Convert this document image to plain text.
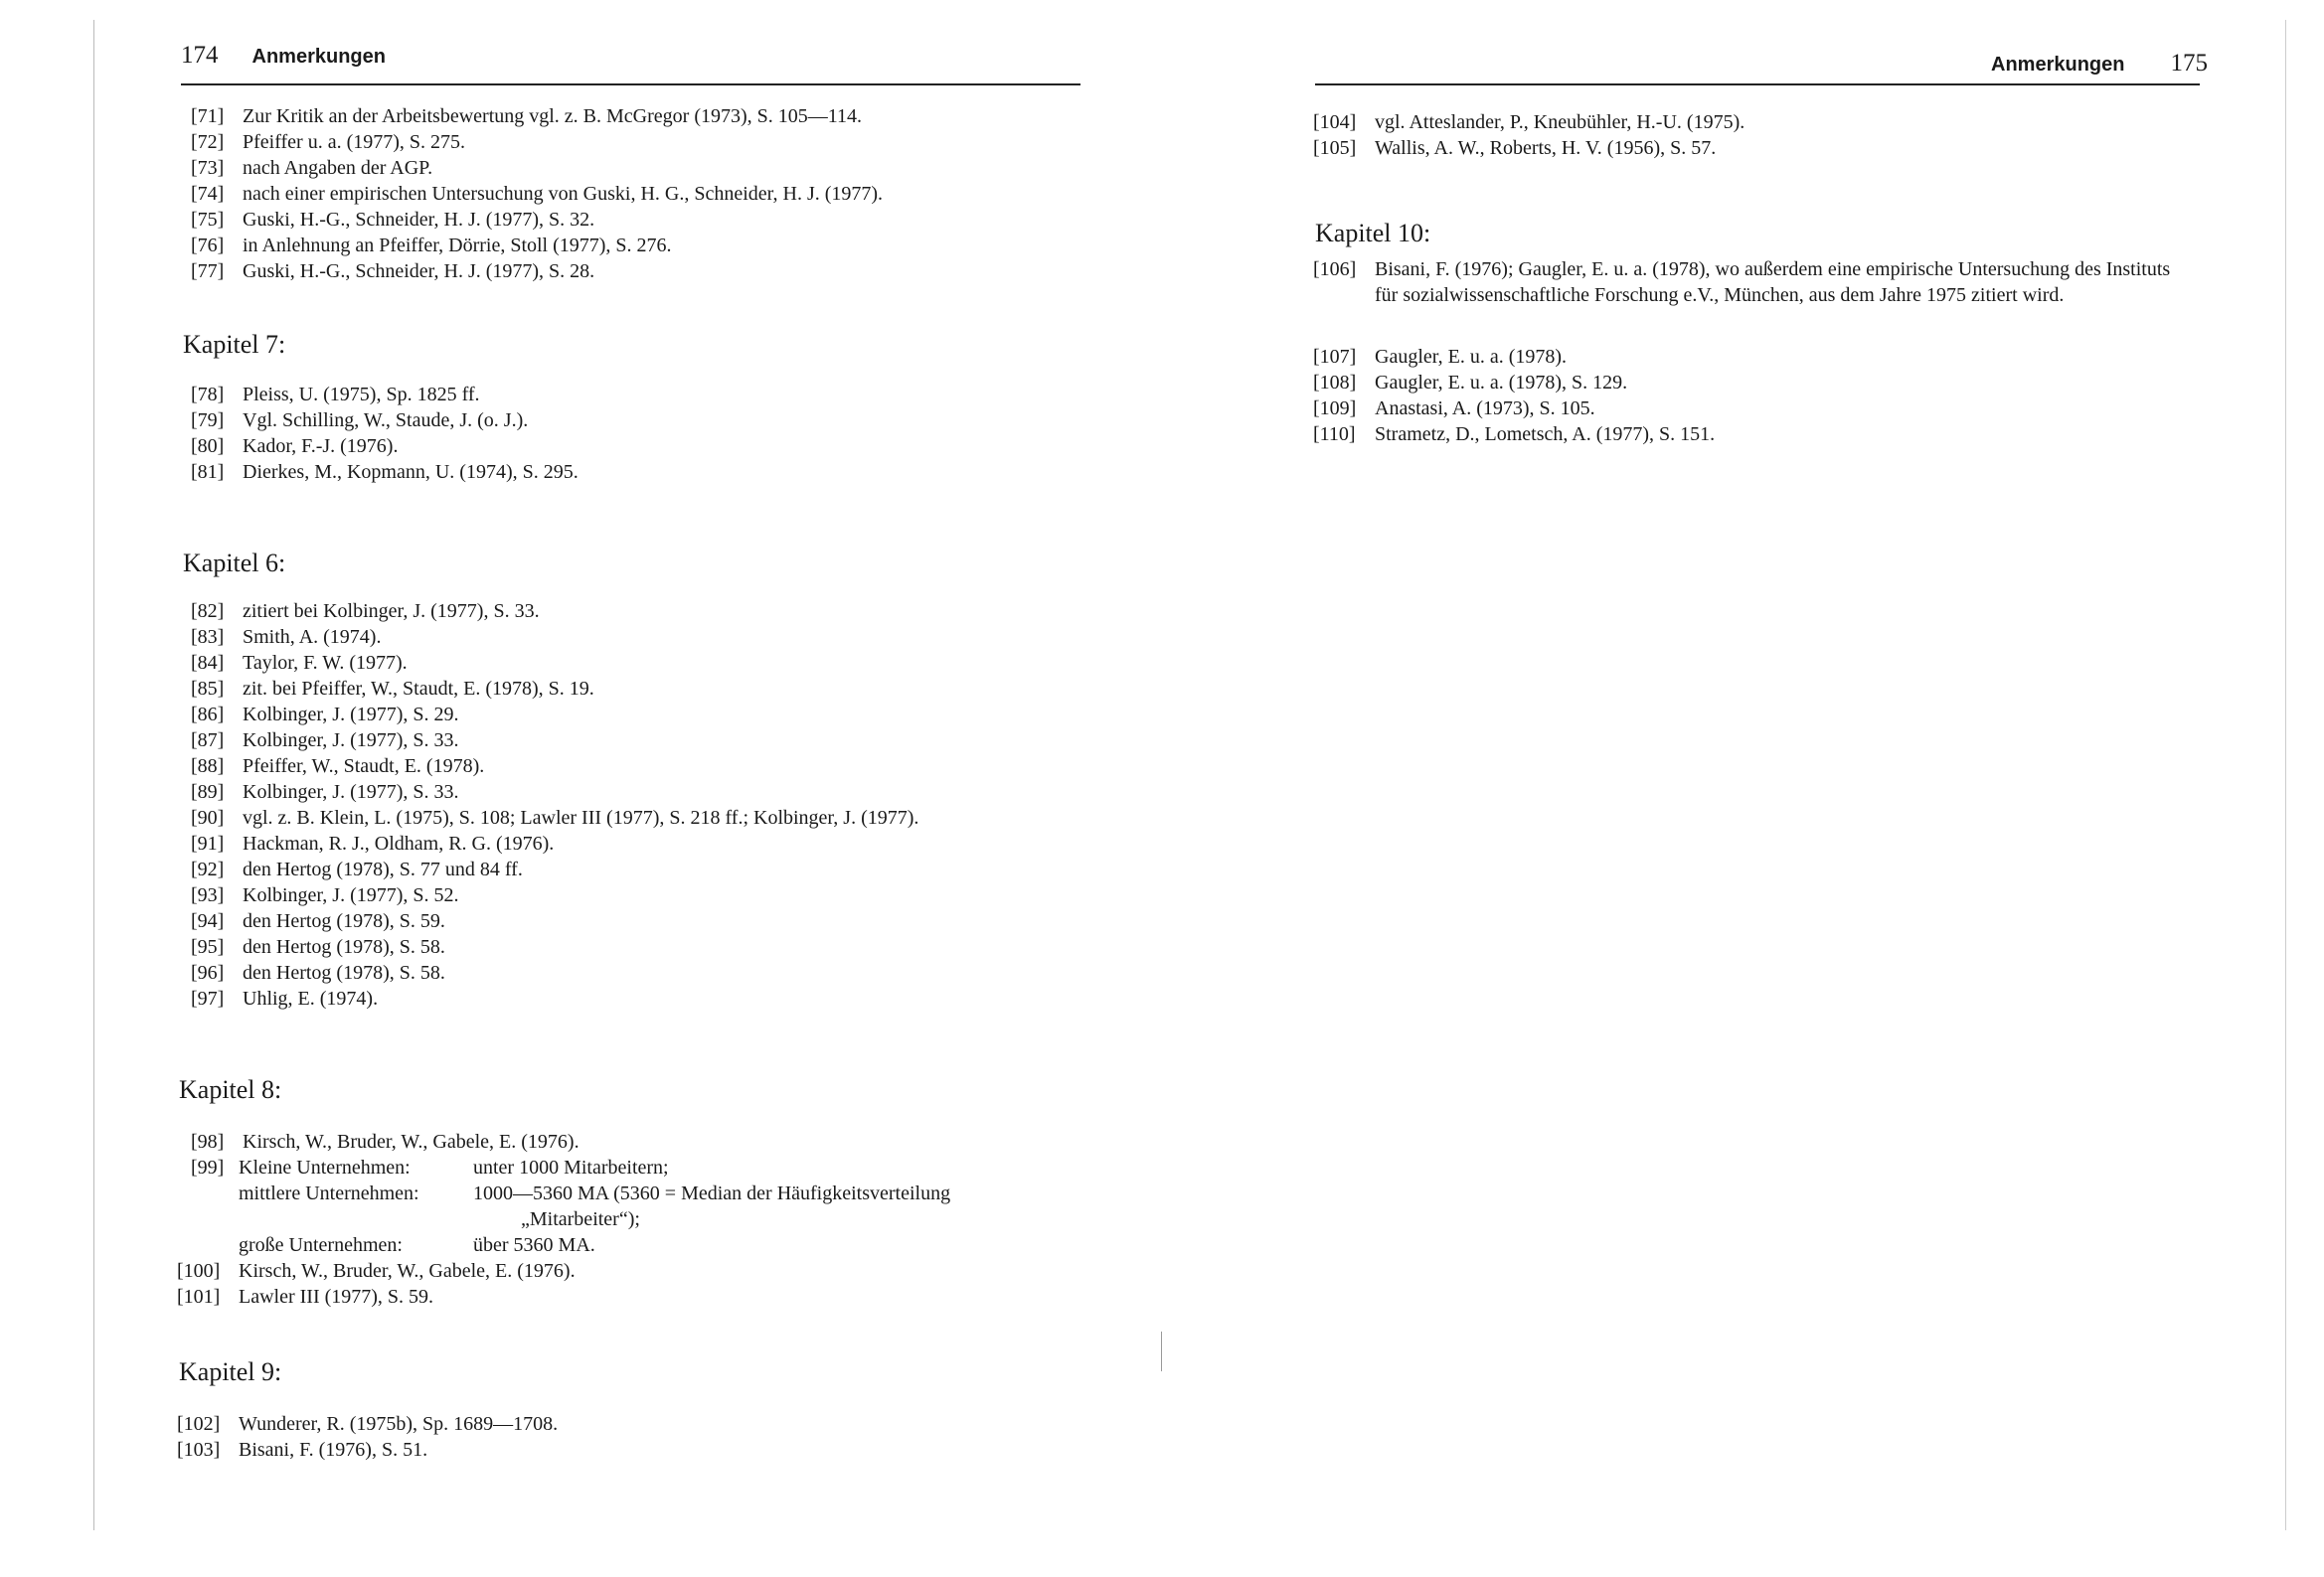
174 Anmerkungen
[71] Zur Kritik an der Arbeitsbewertung vgl. z. B. McGregor (1973), S. 105—114.
[72] Pfeiffer u. a. (1977), S. 275.
[73] nach Angaben der AGP.
[74] nach einer empirischen Untersuchung von Guski, H. G., Schneider, H. J. (1977).
[75] Guski, H.-G., Schneider, H. J. (1977), S. 32.
[76] in Anlehnung an Pfeiffer, Dörrie, Stoll (1977), S. 276.
[77] Guski, H.-G., Schneider, H. J. (1977), S. 28.
Kapitel 7:
[78] Pleiss, U. (1975), Sp. 1825 ff.
[79] Vgl. Schilling, W., Staude, J. (o. J.).
[80] Kador, F.-J. (1976).
[81] Dierkes, M., Kopmann, U. (1974), S. 295.
Kapitel 6:
[82] zitiert bei Kolbinger, J. (1977), S. 33.
[83] Smith, A. (1974).
[84] Taylor, F. W. (1977).
[85] zit. bei Pfeiffer, W., Staudt, E. (1978), S. 19.
[86] Kolbinger, J. (1977), S. 29.
[87] Kolbinger, J. (1977), S. 33.
[88] Pfeiffer, W., Staudt, E. (1978).
[89] Kolbinger, J. (1977), S. 33.
[90] vgl. z. B. Klein, L. (1975), S. 108; Lawler III (1977), S. 218 ff.; Kolbinger, J. (1977).
[91] Hackman, R. J., Oldham, R. G. (1976).
[92] den Hertog (1978), S. 77 und 84 ff.
[93] Kolbinger, J. (1977), S. 52.
[94] den Hertog (1978), S. 59.
[95] den Hertog (1978), S. 58.
[96] den Hertog (1978), S. 58.
[97] Uhlig, E. (1974).
Kapitel 8:
[98] Kirsch, W., Bruder, W., Gabele, E. (1976).
[99] Kleine Unternehmen:	unter 1000 Mitarbeitern;
mittlere Unternehmen:	1000—5360 MA (5360 = Median der Häufigkeitsverteilung
„Mitarbeiter“);
große Unternehmen:	über 5360 MA.
[100] Kirsch, W., Bruder, W., Gabele, E. (1976).
[101] Lawler III (1977), S. 59.
Kapitel 9:
[102] Wunderer, R. (1975b), Sp. 1689—1708.
[103] Bisani, F. (1976), S. 51.
Anmerkungen 175
[104] vgl. Atteslander, P., Kneubühler, H.-U. (1975).
[105] Wallis, A. W., Roberts, H. V. (1956), S. 57.
Kapitel 10:
[106] Bisani, F. (1976); Gaugler, E. u. a. (1978), wo außerdem eine empirische Untersuchung des Instituts für sozialwissenschaftliche Forschung e.V., München, aus dem Jahre 1975 zitiert wird.
[107] Gaugler, E. u. a. (1978).
[108] Gaugler, E. u. a. (1978), S. 129.
[109] Anastasi, A. (1973), S. 105.
[110] Strametz, D., Lometsch, A. (1977), S. 151.
